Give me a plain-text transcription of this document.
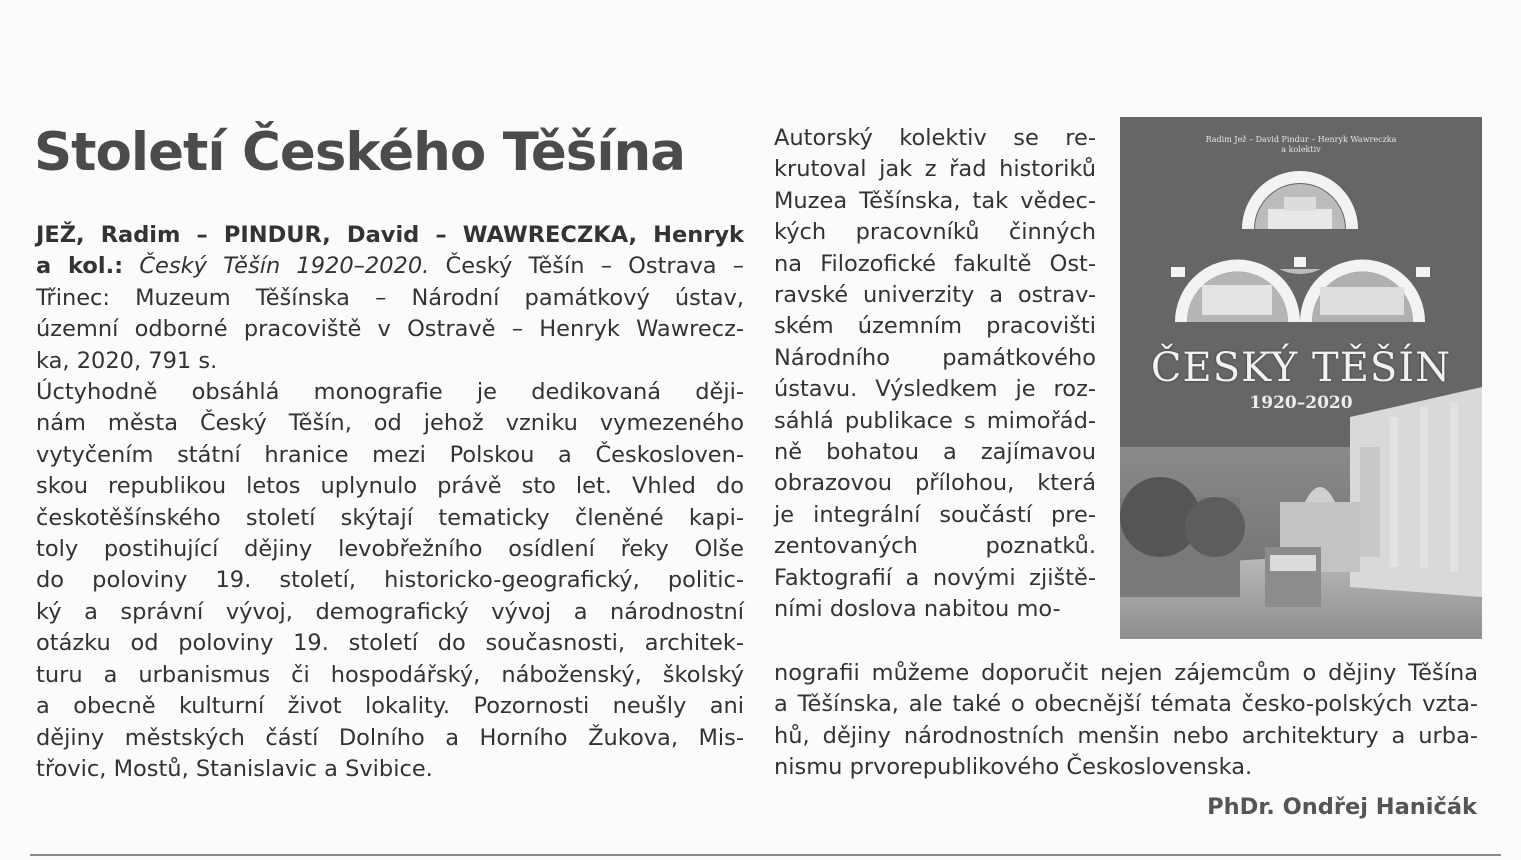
Století Českého Těšína
JEŽ, Radim – PINDUR, David – WAWRECZKA, Henryk
a kol.: Český Těšín 1920–2020. Český Těšín – Ostrava –
Třinec: Muzeum Těšínska – Národní památkový ústav,
územní odborné pracoviště v Ostravě – Henryk Wawrecz-
ka, 2020, 791 s.
Úctyhodně obsáhlá monografie je dedikovaná ději-
nám města Český Těšín, od jehož vzniku vymezeného
vytyčením státní hranice mezi Polskou a Českosloven-
skou republikou letos uplynulo právě sto let. Vhled do
českotěšínského století skýtají tematicky členěné kapi-
toly postihující dějiny levobřežního osídlení řeky Olše
do poloviny 19. století, historicko-geografický, politic-
ký a správní vývoj, demografický vývoj a národnostní
otázku od poloviny 19. století do současnosti, architek-
turu a urbanismus či hospodářský, náboženský, školský
a obecně kulturní život lokality. Pozornosti neušly ani
dějiny městských částí Dolního a Horního Žukova, Mis-
třovic, Mostů, Stanislavic a Svibice.
Autorský kolektiv se re-
krutoval jak z řad historiků
Muzea Těšínska, tak vědec-
kých pracovníků činných
na Filozofické fakultě Ost-
ravské univerzity a ostrav-
ském územním pracovišti
Národního památkového
ústavu. Výsledkem je roz-
sáhlá publikace s mimořád-
ně bohatou a zajímavou
obrazovou přílohou, která
je integrální součástí pre-
zentovaných poznatků.
Faktografií a novými zjiště-
ními doslova nabitou mo-
Radim Jež – David Pindur – Henryk Wawreczka
a kolektiv
ČESKÝ TĚŠÍN
1920–2020
nografii můžeme doporučit nejen zájemcům o dějiny Těšína
a Těšínska, ale také o obecnější témata česko-polských vzta-
hů, dějiny národnostních menšin nebo architektury a urba-
nismu prvorepublikového Československa.
PhDr. Ondřej Haničák
